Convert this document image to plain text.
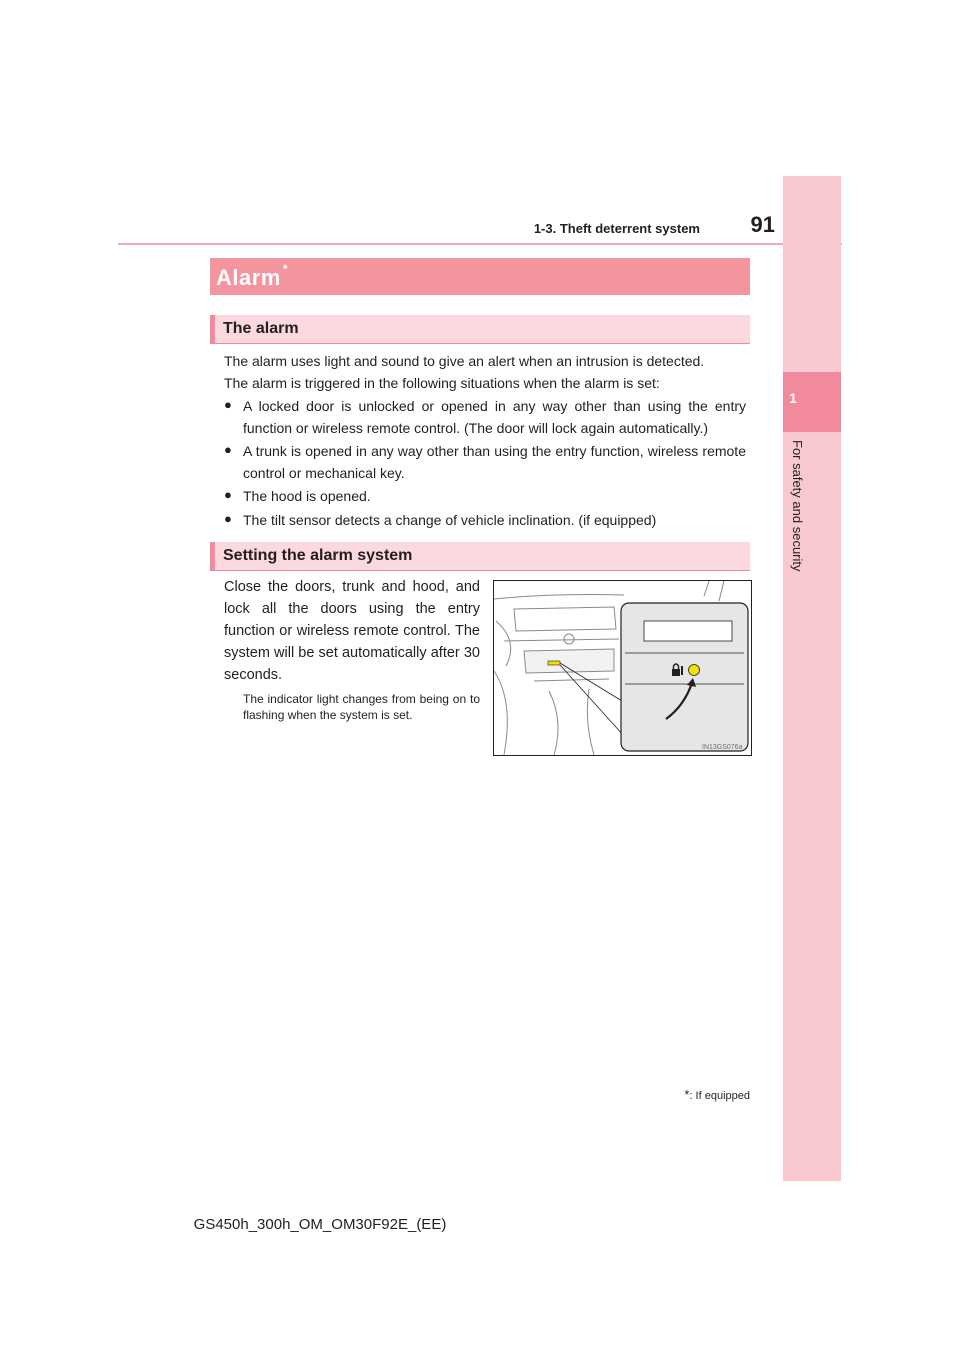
1-3. Theft deterrent system	91
1
For safety and security
Alarm *
The alarm
The alarm uses light and sound to give an alert when an intrusion is detected.
The alarm is triggered in the following situations when the alarm is set:
● A locked door is unlocked or opened in any way other than using the entry function or wireless remote control. (The door will lock again automatically.)
● A trunk is opened in any way other than using the entry function, wireless remote control or mechanical key.
● The hood is opened.
● The tilt sensor detects a change of vehicle inclination. (if equipped)
Setting the alarm system
Close the doors, trunk and hood, and lock all the doors using the entry function or wireless remote control. The system will be set automatically after 30 seconds.
The indicator light changes from being on to flashing when the system is set.
IN13GS076a
*: If equipped
GS450h_300h_OM_OM30F92E_(EE)
